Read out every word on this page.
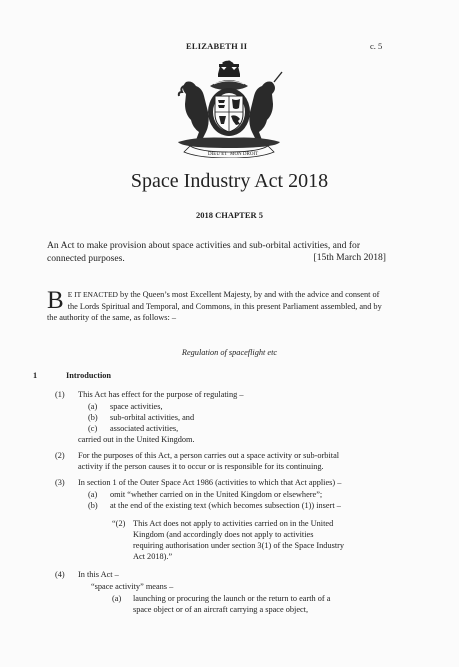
ELIZABETH II	c. 5
DIEU ET MON DROIT
Space Industry Act 2018
2018 CHAPTER 5
An Act to make provision about space activities and sub-orbital activities, and for connected purposes.	[15th March 2018]
B E IT ENACTED by the Queen’s most Excellent Majesty, by and with the advice and consent of the Lords Spiritual and Temporal, and Commons, in this present Parliament assembled, and by the authority of the same, as follows: –
Regulation of spaceflight etc
1	Introduction
(1) This Act has effect for the purpose of regulating –
(a) space activities,
(b) sub-orbital activities, and
(c) associated activities,
carried out in the United Kingdom.
(2) For the purposes of this Act, a person carries out a space activity or sub-orbital
activity if the person causes it to occur or is responsible for its continuing.
(3) In section 1 of the Outer Space Act 1986 (activities to which that Act applies) –
(a) omit “whether carried on in the United Kingdom or elsewhere”;
(b) at the end of the existing text (which becomes subsection (1)) insert –
“(2) This Act does not apply to activities carried on in the United
Kingdom (and accordingly does not apply to activities
requiring authorisation under section 3(1) of the Space Industry
Act 2018).”
(4) In this Act –
“space activity” means –
(a) launching or procuring the launch or the return to earth of a
space object or of an aircraft carrying a space object,
